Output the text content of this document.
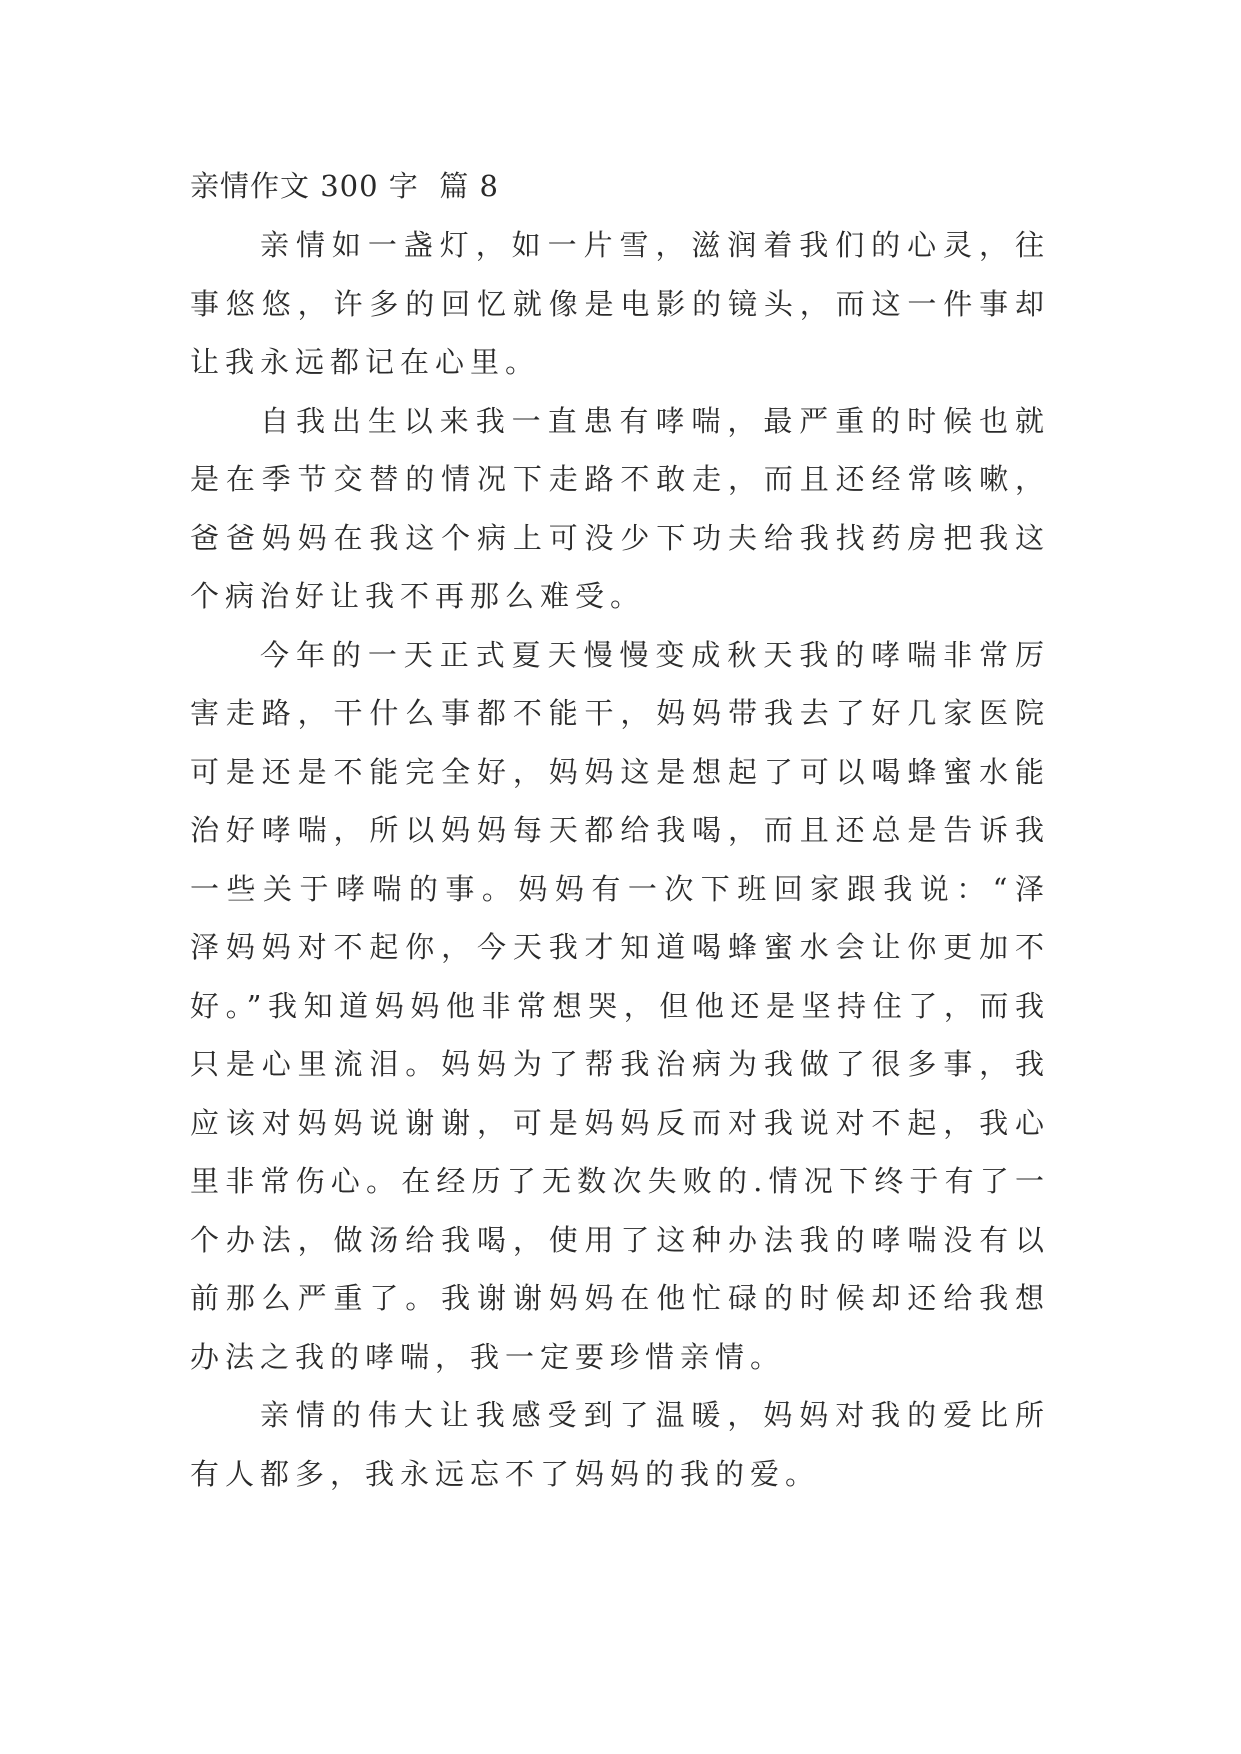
亲情作文 300 字  篇 8

亲情如一盏灯，如一片雪，滋润着我们的心灵，往事悠悠，许多的回忆就像是电影的镜头，而这一件事却让我永远都记在心里。

自我出生以来我一直患有哮喘，最严重的时候也就是在季节交替的情况下走路不敢走，而且还经常咳嗽，爸爸妈妈在我这个病上可没少下功夫给我找药房把我这个病治好让我不再那么难受。

今年的一天正式夏天慢慢变成秋天我的哮喘非常厉害走路，干什么事都不能干，妈妈带我去了好几家医院可是还是不能完全好，妈妈这是想起了可以喝蜂蜜水能治好哮喘，所以妈妈每天都给我喝，而且还总是告诉我一些关于哮喘的事。妈妈有一次下班回家跟我说：“泽泽妈妈对不起你，今天我才知道喝蜂蜜水会让你更加不好。”我知道妈妈他非常想哭，但他还是坚持住了，而我只是心里流泪。妈妈为了帮我治病为我做了很多事，我应该对妈妈说谢谢，可是妈妈反而对我说对不起，我心里非常伤心。在经历了无数次失败的.情况下终于有了一个办法，做汤给我喝，使用了这种办法我的哮喘没有以前那么严重了。我谢谢妈妈在他忙碌的时候却还给我想办法之我的哮喘，我一定要珍惜亲情。

亲情的伟大让我感受到了温暖，妈妈对我的爱比所有人都多，我永远忘不了妈妈的我的爱。
